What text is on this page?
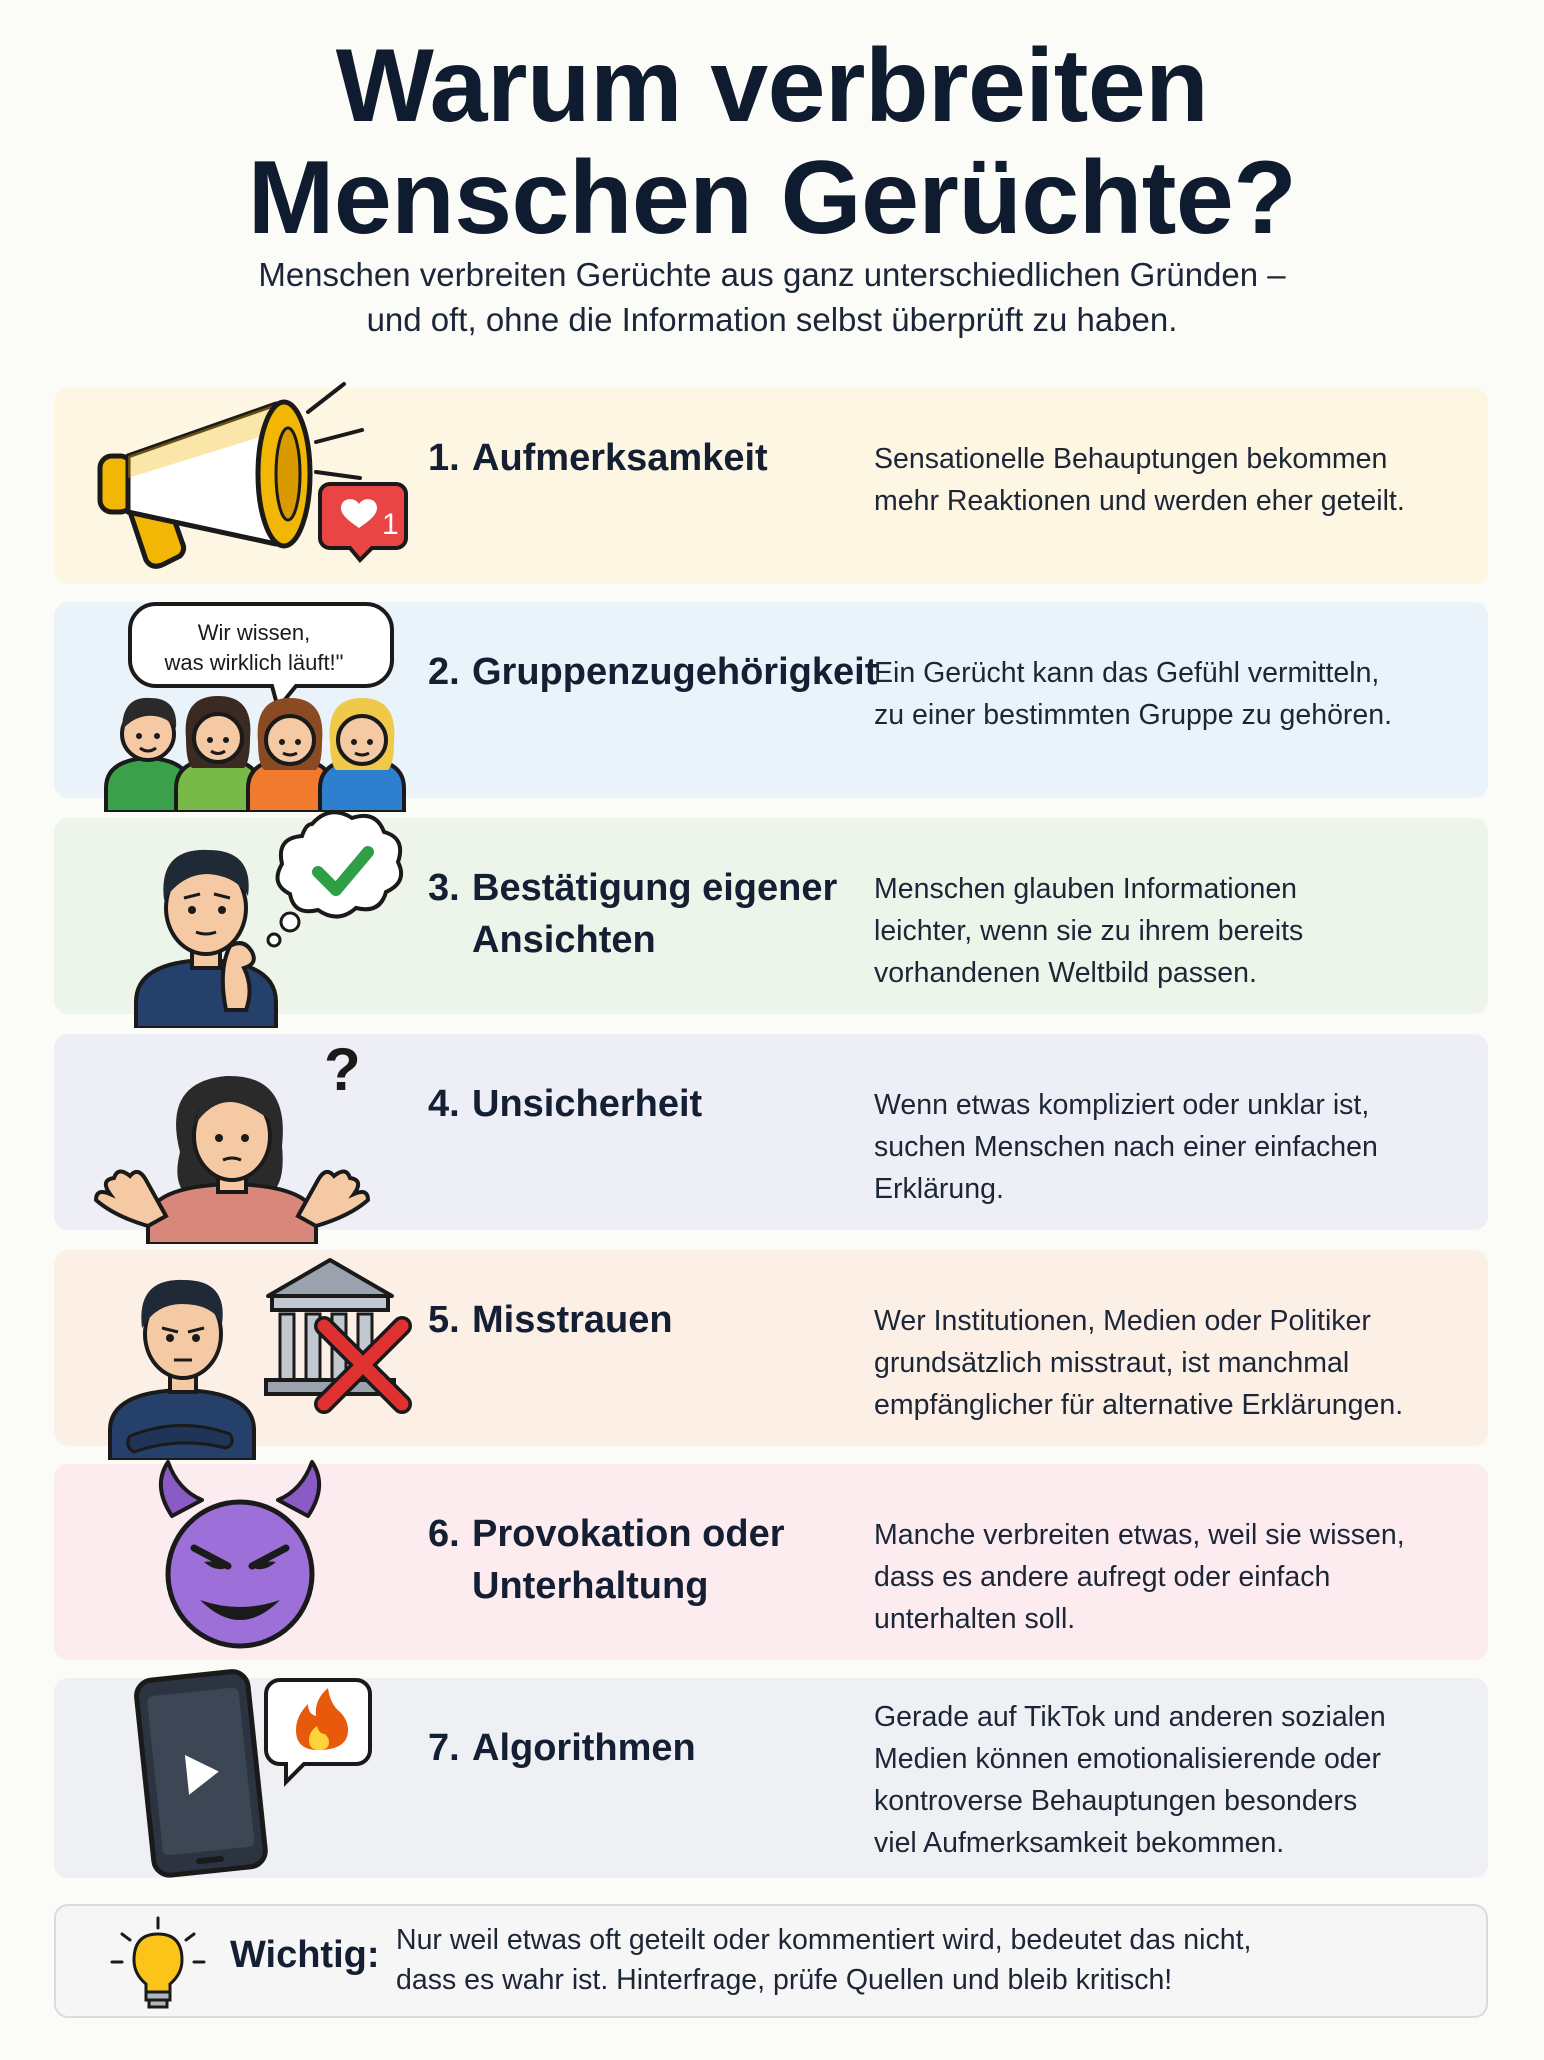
Warum verbreiten
Menschen Gerüchte?
Menschen verbreiten Gerüchte aus ganz unterschiedlichen Gründen –
und oft, ohne die Information selbst überprüft zu haben.
1
1. Aufmerksamkeit	Sensationelle Behauptungen bekommen
mehr Reaktionen und werden eher geteilt.
Wir wissen,
was wirklich läuft!" 2. Gruppenzugehörigkeit
Ein Gerücht kann das Gefühl vermitteln,
zu einer bestimmten Gruppe zu gehören.
3. Bestätigung eigener
Ansichten
Menschen glauben Informationen
leichter, wenn sie zu ihrem bereits
vorhandenen Weltbild passen.
?
4. Unsicherheit	Wenn etwas kompliziert oder unklar ist,
suchen Menschen nach einer einfachen
Erklärung.
5. Misstrauen	Wer Institutionen, Medien oder Politiker
grundsätzlich misstraut, ist manchmal
empfänglicher für alternative Erklärungen.
6. Provokation oder
Unterhaltung
Manche verbreiten etwas, weil sie wissen,
dass es andere aufregt oder einfach
unterhalten soll.
7. Algorithmen
Gerade auf TikTok und anderen sozialen
Medien können emotionalisierende oder
kontroverse Behauptungen besonders
viel Aufmerksamkeit bekommen.
Wichtig: Nur weil etwas oft geteilt oder kommentiert wird, bedeutet das nicht,
dass es wahr ist. Hinterfrage, prüfe Quellen und bleib kritisch!
